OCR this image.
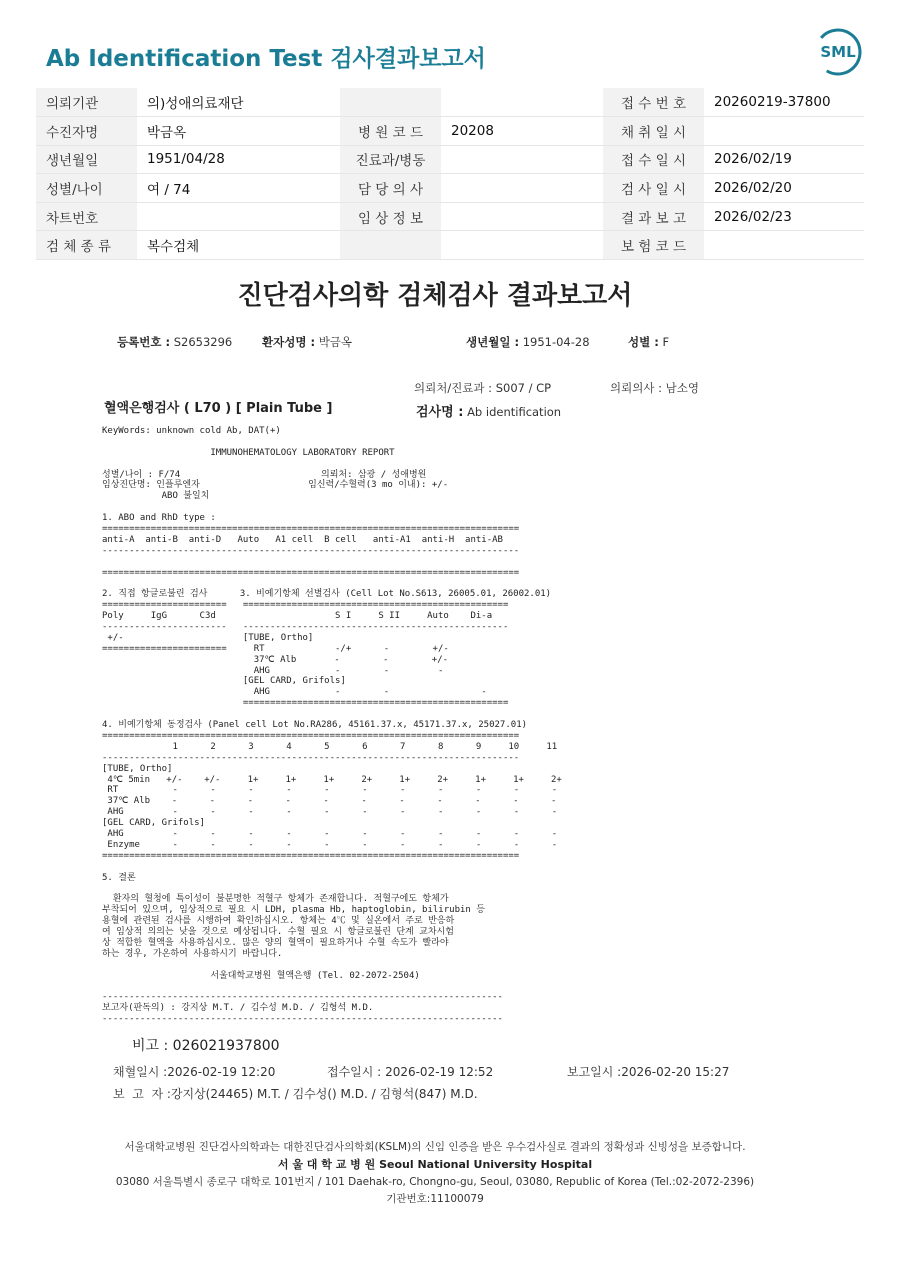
Ab Identification Test 검사결과보고서	SML
의뢰기관	의)성애의료재단			접 수 번 호	20260219-37800
수진자명	박금옥	병 원 코 드	20208	채 취 일 시	
생년월일	1951/04/28	진료과/병동		접 수 일 시	2026/02/19
성별/나이	여 / 74	담 당 의 사		검 사 일 시	2026/02/20
차트번호		임 상 정 보		결 과 보 고	2026/02/23
검 체 종 류	복수검체			보 험 코 드	
진단검사의학 검체검사 결과보고서
등록번호 : S2653296	환자성명 : 박금옥	생년월일 : 1951-04-28	성별 : F
의뢰처/진료과 : S007 / CP	의뢰의사 : 남소영
혈액은행검사 ( L70 ) [ Plain Tube ]	검사명 : Ab identification
KeyWords: unknown cold Ab, DAT(+)
IMMUNOHEMATOLOGY LABORATORY REPORT
성별/나이 : F/74                          의뢰처: 삼광 / 성애병원
임상진단명: 인플루엔자                    임신력/수혈력(3 mo 이내): +/-
ABO 불일치
1. ABO and RhD type :
=============================================================================
anti-A  anti-B  anti-D   Auto   A1 cell  B cell   anti-A1  anti-H  anti-AB
-----------------------------------------------------------------------------
=============================================================================
2. 직접 항글로불린 검사      3. 비예기항체 선별검사 (Cell Lot No.S613, 26005.01, 26002.01)
=======================   =================================================
Poly     IgG      C3d                      S I     S II     Auto    Di-a
-----------------------   -------------------------------------------------
+/-                      [TUBE, Ortho]
=======================     RT             -/+      -        +/-
37℃ Alb       -        -        +/-
AHG            -        -         -
[GEL CARD, Grifols]
AHG            -        -                 -
=================================================
4. 비예기항체 동정검사 (Panel cell Lot No.RA286, 45161.37.x, 45171.37.x, 25027.01)
=============================================================================
1      2      3      4      5      6      7      8      9     10     11
-----------------------------------------------------------------------------
[TUBE, Ortho]
4℃ 5min   +/-    +/-     1+     1+     1+     2+     1+     2+     1+     1+     2+
RT          -      -      -      -      -      -      -      -      -      -      -
37℃ Alb    -      -      -      -      -      -      -      -      -      -      -
AHG         -      -      -      -      -      -      -      -      -      -      -
[GEL CARD, Grifols]
AHG         -      -      -      -      -      -      -      -      -      -      -
Enzyme      -      -      -      -      -      -      -      -      -      -      -
=============================================================================
5. 결론
환자의 혈청에 특이성이 불분명한 적혈구 항체가 존재합니다. 적혈구에도 항체가
부착되어 있으며, 임상적으로 필요 시 LDH, plasma Hb, haptoglobin, bilirubin 등
용혈에 관련된 검사를 시행하여 확인하십시오. 항체는 4℃ 및 실온에서 주로 반응하
여 임상적 의의는 낮을 것으로 예상됩니다. 수혈 필요 시 항글로불린 단계 교차시험
상 적합한 혈액을 사용하십시오. 많은 양의 혈액이 필요하거나 수혈 속도가 빨라야
하는 경우, 가온하여 사용하시기 바랍니다.
서울대학교병원 혈액은행 (Tel. 02-2072-2504)
--------------------------------------------------------------------------
보고자(판독의) : 강지상 M.T. / 김수성 M.D. / 김형석 M.D.
--------------------------------------------------------------------------
비고 : 026021937800
채혈일시 :2026-02-19 12:20	접수일시 : 2026-02-19 12:52	보고일시 :2026-02-20 15:27
보  고  자 :강지상(24465) M.T. / 김수성() M.D. / 김형석(847) M.D.
서울대학교병원 진단검사의학과는 대한진단검사의학회(KSLM)의 신임 인증을 받은 우수검사실로 결과의 정확성과 신빙성을 보증합니다.
서 울 대 학 교 병 원 Seoul National University Hospital
03080 서울특별시 종로구 대학로 101번지 / 101 Daehak-ro, Chongno-gu, Seoul, 03080, Republic of Korea (Tel.:02-2072-2396)
기관번호:11100079
